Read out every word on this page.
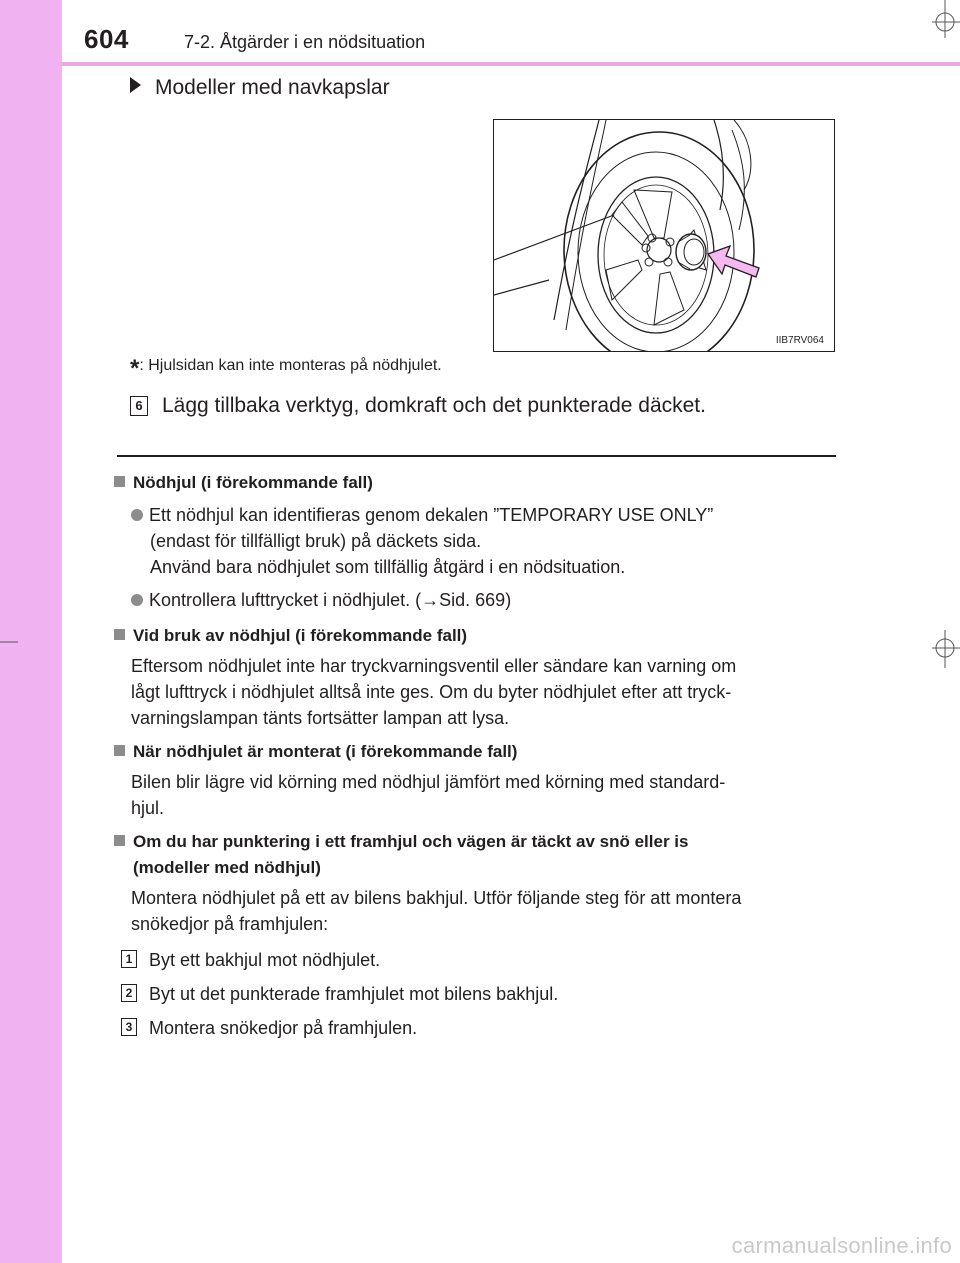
604	7-2. Åtgärder i en nödsituation
Modeller med navkapslar
IIB7RV064
*: Hjulsidan kan inte monteras på nödhjulet.
6 Lägg tillbaka verktyg, domkraft och det punkterade däcket.
Nödhjul (i förekommande fall)
Ett nödhjul kan identifieras genom dekalen ”TEMPORARY USE ONLY”
(endast för tillfälligt bruk) på däckets sida.
Använd bara nödhjulet som tillfällig åtgärd i en nödsituation.
Kontrollera lufttrycket i nödhjulet. (→Sid. 669)
Vid bruk av nödhjul (i förekommande fall)
Eftersom nödhjulet inte har tryckvarningsventil eller sändare kan varning om
lågt lufttryck i nödhjulet alltså inte ges. Om du byter nödhjulet efter att tryck-
varningslampan tänts fortsätter lampan att lysa.
När nödhjulet är monterat (i förekommande fall)
Bilen blir lägre vid körning med nödhjul jämfört med körning med standard-
hjul.
Om du har punktering i ett framhjul och vägen är täckt av snö eller is
(modeller med nödhjul)
Montera nödhjulet på ett av bilens bakhjul. Utför följande steg för att montera
snökedjor på framhjulen:
1 Byt ett bakhjul mot nödhjulet.
2 Byt ut det punkterade framhjulet mot bilens bakhjul.
3 Montera snökedjor på framhjulen.
carmanualsonline.info
